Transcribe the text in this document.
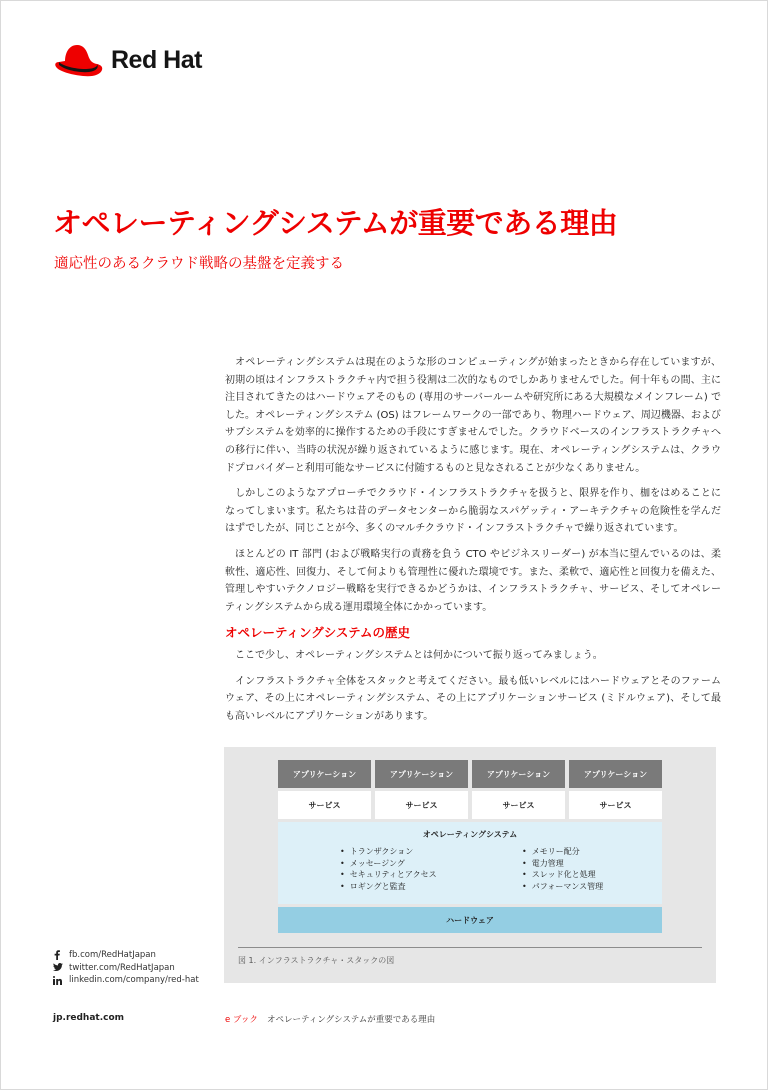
Red Hat
オペレーティングシステムが重要である理由
適応性のあるクラウド戦略の基盤を定義する

オペレーティングシステムは現在のような形のコンピューティングが始まったときから存在していますが、初期の頃はインフラストラクチャ内で担う役割は二次的なものでしかありませんでした。何十年もの間、主に注目されてきたのはハードウェアそのもの (専用のサーバールームや研究所にある大規模なメインフレーム) でした。オペレーティングシステム (OS) はフレームワークの一部であり、物理ハードウェア、周辺機器、およびサブシステムを効率的に操作するための手段にすぎませんでした。クラウドベースのインフラストラクチャへの移行に伴い、当時の状況が繰り返されているように感じます。現在、オペレーティングシステムは、クラウドプロバイダーと利用可能なサービスに付随するものと見なされることが少なくありません。

しかしこのようなアプローチでクラウド・インフラストラクチャを扱うと、限界を作り、枷をはめることになってしまいます。私たちは昔のデータセンターから脆弱なスパゲッティ・アーキテクチャの危険性を学んだはずでしたが、同じことが今、多くのマルチクラウド・インフラストラクチャで繰り返されています。

ほとんどの IT 部門 (および戦略実行の責務を負う CTO やビジネスリーダー) が本当に望んでいるのは、柔軟性、適応性、回復力、そして何よりも管理性に優れた環境です。また、柔軟で、適応性と回復力を備えた、管理しやすいテクノロジー戦略を実行できるかどうかは、インフラストラクチャ、サービス、そしてオペレーティングシステムから成る運用環境全体にかかっています。

オペレーティングシステムの歴史

ここで少し、オペレーティングシステムとは何かについて振り返ってみましょう。

インフラストラクチャ全体をスタックと考えてください。最も低いレベルにはハードウェアとそのファームウェア、その上にオペレーティングシステム、その上にアプリケーションサービス (ミドルウェア)、そして最も高いレベルにアプリケーションがあります。

アプリケーション	アプリケーション	アプリケーション	アプリケーション
サービス	サービス	サービス	サービス
オペレーティングシステム
• トランザクション
• メッセージング
• セキュリティとアクセス
• ロギングと監査
• メモリー配分
• 電力管理
• スレッド化と処理
• パフォーマンス管理
ハードウェア
図 1. インフラストラクチャ・スタックの図
fb.com/RedHatJapan
twitter.com/RedHatJapan
linkedin.com/company/red-hat
jp.redhat.com	e ブック オペレーティングシステムが重要である理由
